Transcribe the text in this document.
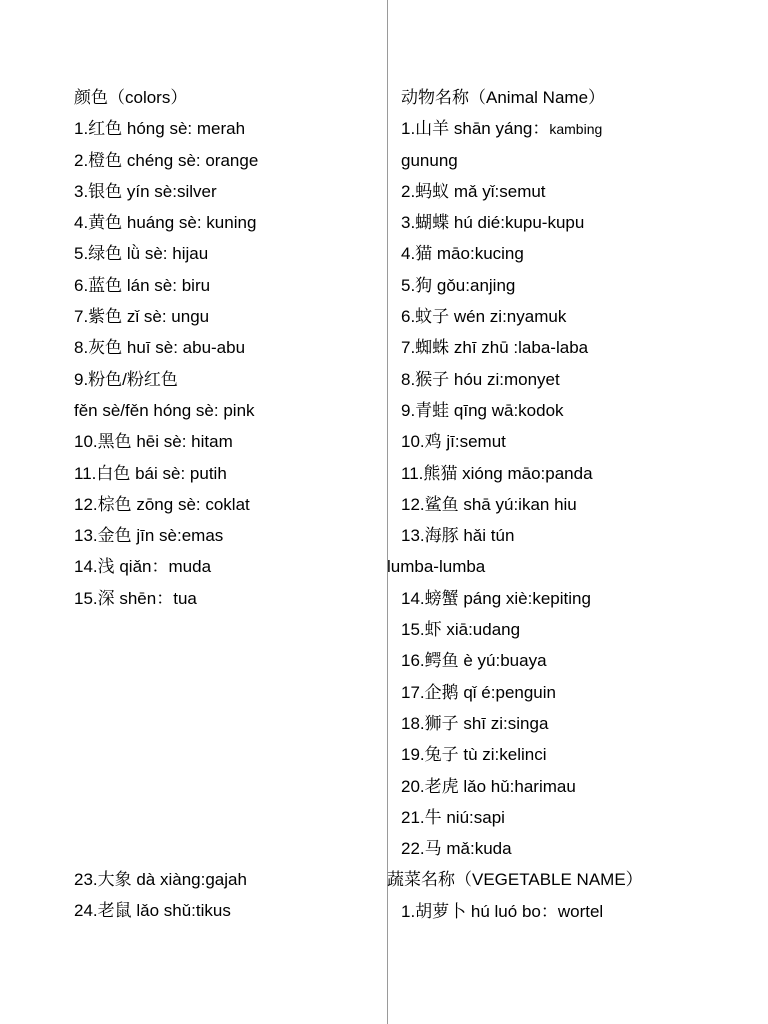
颜色（colors）
1.红色 hóng sè: merah
2.橙色 chéng sè: orange
3.银色 yín sè:silver
4.黄色 huáng sè: kuning
5.绿色 lǜ sè: hijau
6.蓝色 lán sè: biru
7.紫色 zǐ sè: ungu
8.灰色 huī sè: abu-abu
9.粉色/粉红色
fěn sè/fěn hóng sè: pink
10.黑色 hēi sè: hitam
11.白色 bái sè: putih
12.棕色 zōng sè: coklat
13.金色 jīn sè:emas
14.浅 qiǎn：muda
15.深 shēn：tua
23.大象 dà xiàng:gajah
24.老鼠 lǎo shǔ:tikus
动物名称（Animal Name）
1.山羊 shān yáng：kambing
gunung
2.蚂蚁 mǎ yǐ:semut
3.蝴蝶 hú dié:kupu-kupu
4.猫 māo:kucing
5.狗 gǒu:anjing
6.蚊子 wén zi:nyamuk
7.蜘蛛 zhī zhū :laba-laba
8.猴子 hóu zi:monyet
9.青蛙 qīng wā:kodok
10.鸡 jī:semut
11.熊猫 xióng māo:panda
12.鲨鱼 shā yú:ikan hiu
13.海豚 hǎi tún
lumba-lumba
14.螃蟹 páng xiè:kepiting
15.虾 xiā:udang
16.鳄鱼 è yú:buaya
17.企鹅 qǐ é:penguin
18.狮子 shī zi:singa
19.兔子 tù zi:kelinci
20.老虎 lǎo hǔ:harimau
21.牛 niú:sapi
22.马 mǎ:kuda
蔬菜名称（VEGETABLE NAME）
1.胡萝卜 hú luó bo：wortel
